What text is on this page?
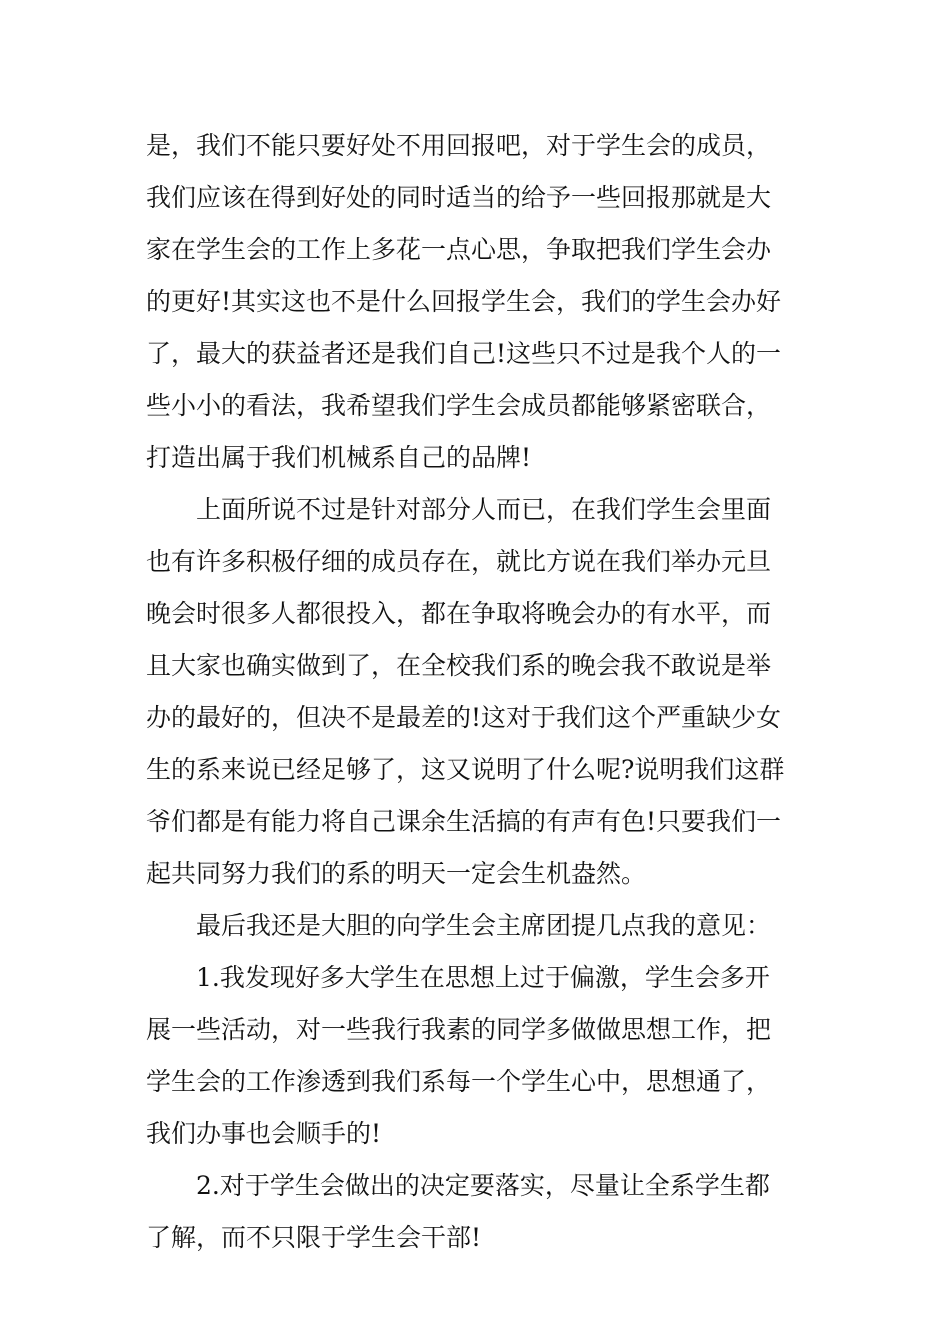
是，我们不能只要好处不用回报吧，对于学生会的成员，
我们应该在得到好处的同时适当的给予一些回报那就是大
家在学生会的工作上多花一点心思，争取把我们学生会办
的更好!其实这也不是什么回报学生会，我们的学生会办好
了，最大的获益者还是我们自己!这些只不过是我个人的一
些小小的看法，我希望我们学生会成员都能够紧密联合，
打造出属于我们机械系自己的品牌!
上面所说不过是针对部分人而已，在我们学生会里面
也有许多积极仔细的成员存在，就比方说在我们举办元旦
晚会时很多人都很投入，都在争取将晚会办的有水平，而
且大家也确实做到了，在全校我们系的晚会我不敢说是举
办的最好的，但决不是最差的!这对于我们这个严重缺少女
生的系来说已经足够了，这又说明了什么呢?说明我们这群
爷们都是有能力将自己课余生活搞的有声有色!只要我们一
起共同努力我们的系的明天一定会生机盎然。
最后我还是大胆的向学生会主席团提几点我的意见：
1.我发现好多大学生在思想上过于偏激，学生会多开
展一些活动，对一些我行我素的同学多做做思想工作，把
学生会的工作渗透到我们系每一个学生心中，思想通了，
我们办事也会顺手的!
2.对于学生会做出的决定要落实，尽量让全系学生都
了解，而不只限于学生会干部!
